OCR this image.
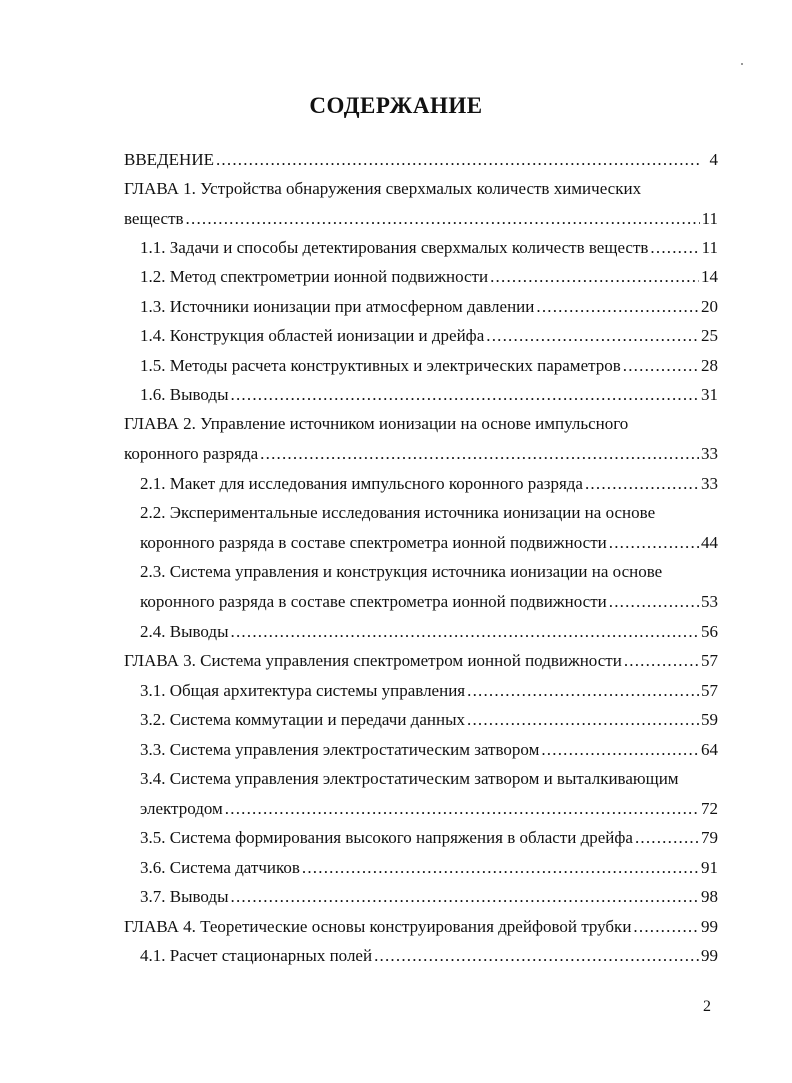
СОДЕРЖАНИЕ
ВВЕДЕНИЕ .....	4
ГЛАВА 1. Устройства обнаружения сверхмалых количеств химических
веществ .....	11
1.1. Задачи и способы детектирования сверхмалых количеств веществ .....	11
1.2. Метод спектрометрии ионной подвижности .....	14
1.3. Источники ионизации при атмосферном давлении .....	20
1.4. Конструкция областей ионизации и дрейфа .....	25
1.5. Методы расчета конструктивных и электрических параметров .....	28
1.6. Выводы .....	31
ГЛАВА 2. Управление источником ионизации на основе импульсного
коронного разряда .....	33
2.1. Макет для исследования импульсного коронного разряда .....	33
2.2. Экспериментальные исследования источника ионизации на основе
коронного разряда в составе спектрометра ионной подвижности .....	44
2.3. Система управления и конструкция источника ионизации на основе
коронного разряда в составе спектрометра ионной подвижности .....	53
2.4. Выводы .....	56
ГЛАВА 3. Система управления спектрометром ионной подвижности .....	57
3.1. Общая архитектура системы управления .....	57
3.2. Система коммутации и передачи данных .....	59
3.3. Система управления электростатическим затвором .....	64
3.4. Система управления электростатическим затвором и выталкивающим
электродом .....	72
3.5. Система формирования высокого напряжения в области дрейфа .....	79
3.6. Система датчиков .....	91
3.7. Выводы .....	98
ГЛАВА 4. Теоретические основы конструирования дрейфовой трубки .....	99
4.1. Расчет стационарных полей .....	99
2
